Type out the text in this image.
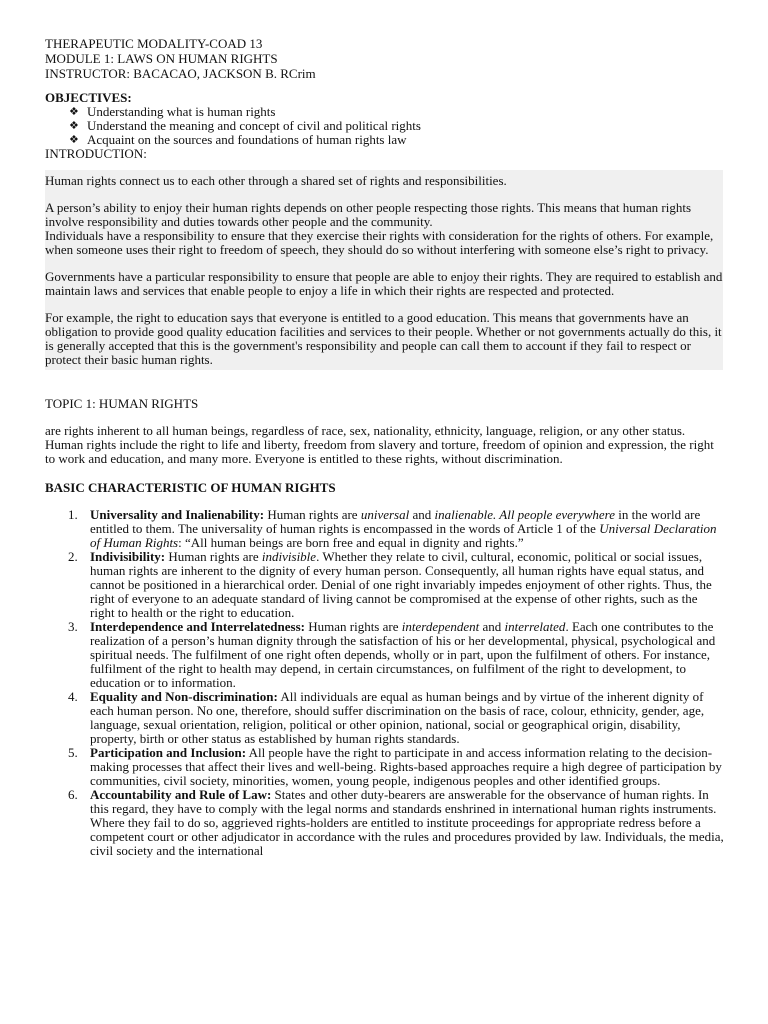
THERAPEUTIC MODALITY-COAD 13
MODULE 1: LAWS ON HUMAN RIGHTS
INSTRUCTOR: BACACAO, JACKSON B. RCrim
OBJECTIVES:
❖ Understanding what is human rights
❖ Understand the meaning and concept of civil and political rights
❖ Acquaint on the sources and foundations of human rights law
INTRODUCTION:

Human rights connect us to each other through a shared set of rights and responsibilities.

A person’s ability to enjoy their human rights depends on other people respecting those rights. This means that human rights involve responsibility and duties towards other people and the community.

Individuals have a responsibility to ensure that they exercise their rights with consideration for the rights of others. For example, when someone uses their right to freedom of speech, they should do so without interfering with someone else’s right to privacy.

Governments have a particular responsibility to ensure that people are able to enjoy their rights. They are required to establish and maintain laws and services that enable people to enjoy a life in which their rights are respected and protected.

For example, the right to education says that everyone is entitled to a good education. This means that governments have an obligation to provide good quality education facilities and services to their people. Whether or not governments actually do this, it is generally accepted that this is the government's responsibility and people can call them to account if they fail to respect or protect their basic human rights.

TOPIC 1: HUMAN RIGHTS
are rights inherent to all human beings, regardless of race, sex, nationality, ethnicity, language, religion, or any other status. Human rights include the right to life and liberty, freedom from slavery and torture, freedom of opinion and expression, the right to work and education, and many more. Everyone is entitled to these rights, without discrimination.
BASIC CHARACTERISTIC OF HUMAN RIGHTS
1. Universality and Inalienability: Human rights are universal and inalienable. All people everywhere in the world are entitled to them. The universality of human rights is encompassed in the words of Article 1 of the Universal Declaration of Human Rights: “All human beings are born free and equal in dignity and rights.”
2. Indivisibility: Human rights are indivisible. Whether they relate to civil, cultural, economic, political or social issues, human rights are inherent to the dignity of every human person. Consequently, all human rights have equal status, and cannot be positioned in a hierarchical order. Denial of one right invariably impedes enjoyment of other rights. Thus, the right of everyone to an adequate standard of living cannot be compromised at the expense of other rights, such as the right to health or the right to education.
3. Interdependence and Interrelatedness: Human rights are interdependent and interrelated. Each one contributes to the realization of a person’s human dignity through the satisfaction of his or her developmental, physical, psychological and spiritual needs. The fulfilment of one right often depends, wholly or in part, upon the fulfilment of others. For instance, fulfilment of the right to health may depend, in certain circumstances, on fulfilment of the right to development, to education or to information.
4. Equality and Non-discrimination: All individuals are equal as human beings and by virtue of the inherent dignity of each human person. No one, therefore, should suffer discrimination on the basis of race, colour, ethnicity, gender, age, language, sexual orientation, religion, political or other opinion, national, social or geographical origin, disability, property, birth or other status as established by human rights standards.
5. Participation and Inclusion: All people have the right to participate in and access information relating to the decision-making processes that affect their lives and well-being. Rights-based approaches require a high degree of participation by communities, civil society, minorities, women, young people, indigenous peoples and other identified groups.
6. Accountability and Rule of Law: States and other duty-bearers are answerable for the observance of human rights. In this regard, they have to comply with the legal norms and standards enshrined in international human rights instruments. Where they fail to do so, aggrieved rights-holders are entitled to institute proceedings for appropriate redress before a competent court or other adjudicator in accordance with the rules and procedures provided by law. Individuals, the media, civil society and the international
